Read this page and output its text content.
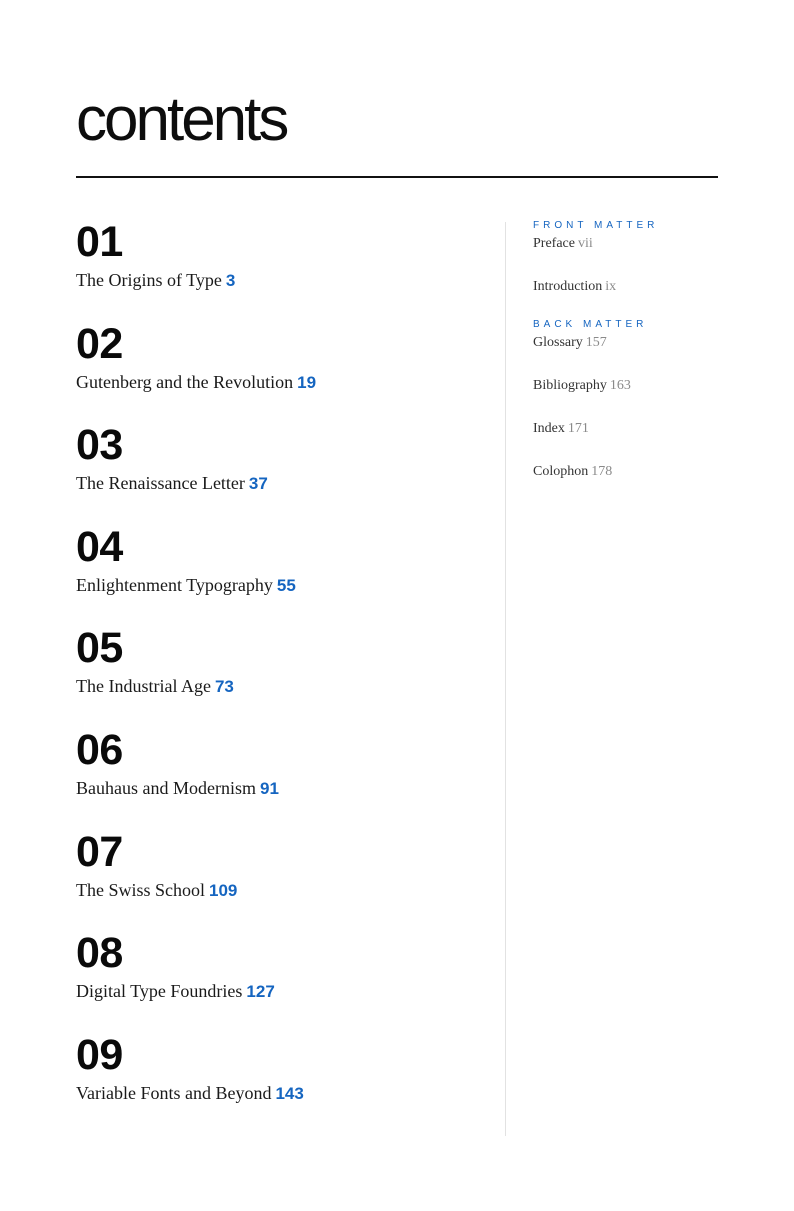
contents
01
The Origins of Type 3
02
Gutenberg and the Revolution 19
03
The Renaissance Letter 37
04
Enlightenment Typography 55
05
The Industrial Age 73
06
Bauhaus and Modernism 91
07
The Swiss School 109
08
Digital Type Foundries 127
09
Variable Fonts and Beyond 143
FRONT MATTER
Preface vii
Introduction ix
BACK MATTER
Glossary 157
Bibliography 163
Index 171
Colophon 178
